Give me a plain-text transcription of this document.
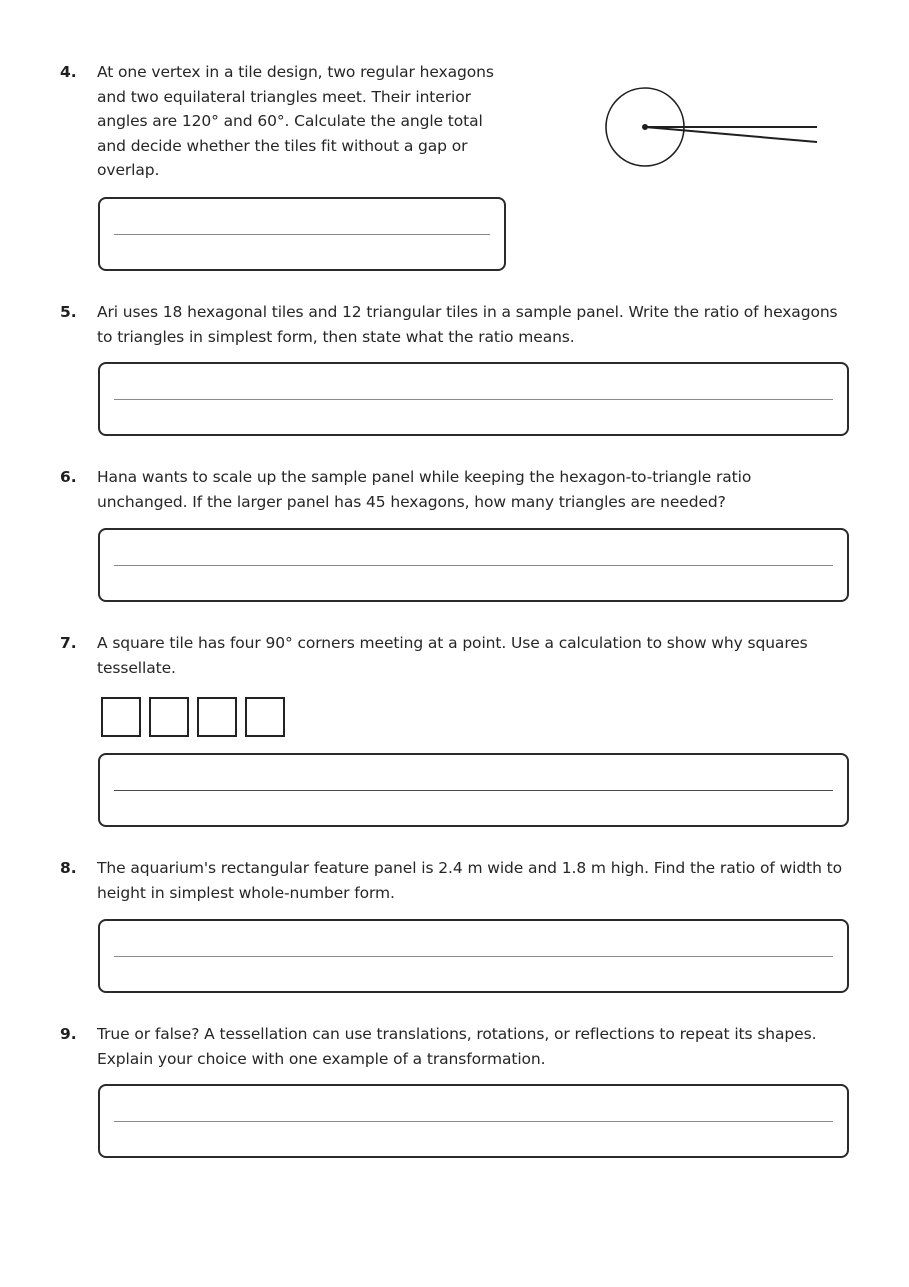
4. At one vertex in a tile design, two regular hexagons
and two equilateral triangles meet. Their interior
angles are 120° and 60°. Calculate the angle total
and decide whether the tiles fit without a gap or
overlap.
5. Ari uses 18 hexagonal tiles and 12 triangular tiles in a sample panel. Write the ratio of hexagons
to triangles in simplest form, then state what the ratio means.
6. Hana wants to scale up the sample panel while keeping the hexagon-to-triangle ratio
unchanged. If the larger panel has 45 hexagons, how many triangles are needed?
7. A square tile has four 90° corners meeting at a point. Use a calculation to show why squares
tessellate.
8. The aquarium's rectangular feature panel is 2.4 m wide and 1.8 m high. Find the ratio of width to
height in simplest whole-number form.
9. True or false? A tessellation can use translations, rotations, or reflections to repeat its shapes.
Explain your choice with one example of a transformation.
